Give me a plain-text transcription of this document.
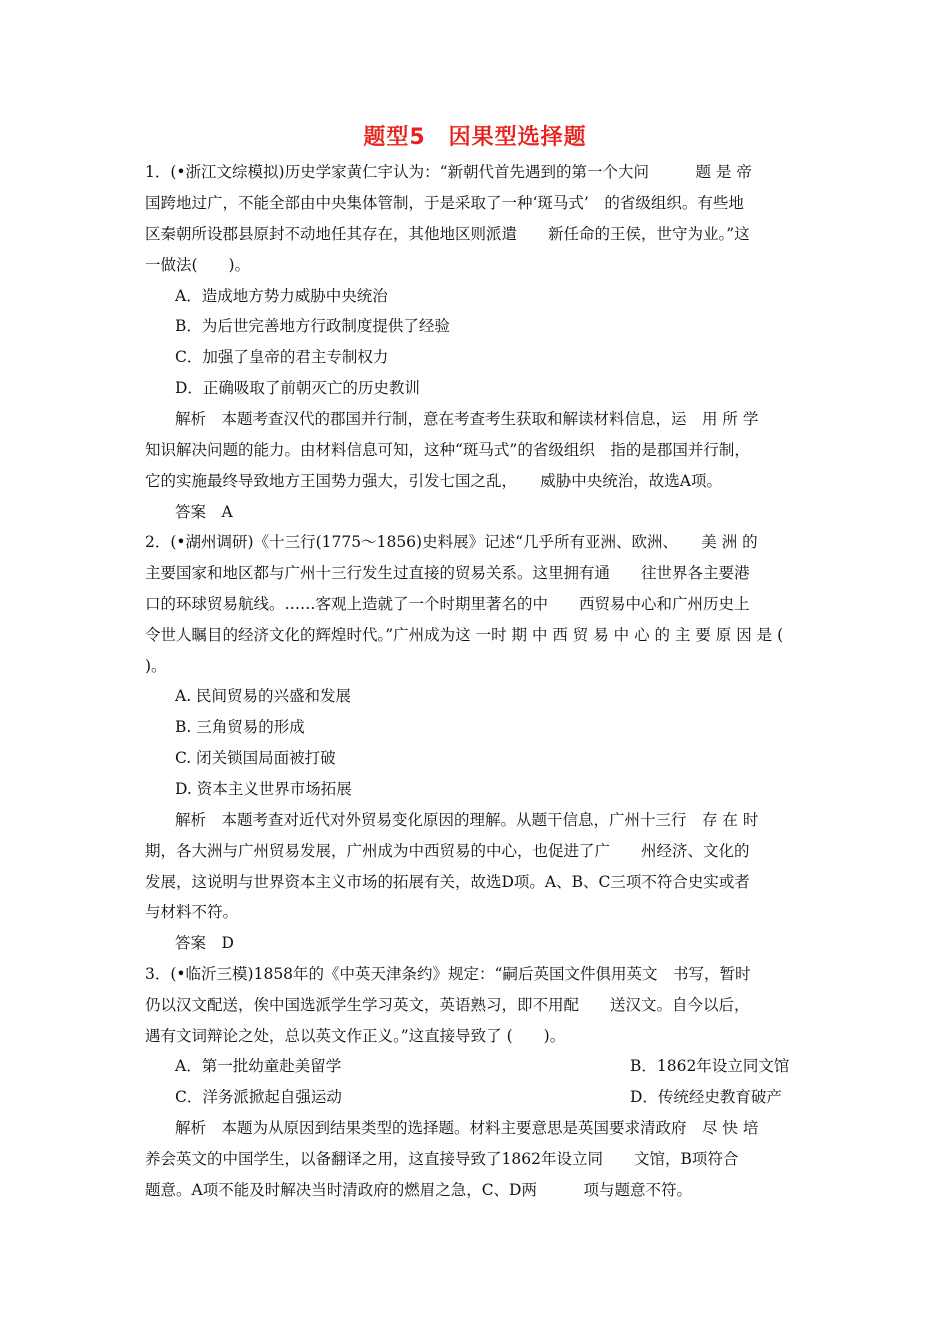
题型5　因果型选择题
1．(•浙江文综模拟)历史学家黄仁宇认为：“新朝代首先遇到的第一个大问　　　题 是 帝
国跨地过广，不能全部由中央集体管制，于是采取了一种‘斑马式’　的省级组织。有些地
区秦朝所设郡县原封不动地任其存在，其他地区则派遣　　新任命的王侯，世守为业。”这
一做法(　　)。
A．造成地方势力威胁中央统治
B．为后世完善地方行政制度提供了经验
C．加强了皇帝的君主专制权力
D．正确吸取了前朝灭亡的历史教训
解析　本题考查汉代的郡国并行制，意在考查考生获取和解读材料信息，运　用 所 学
知识解决问题的能力。由材料信息可知，这种“斑马式”的省级组织　指的是郡国并行制，
它的实施最终导致地方王国势力强大，引发七国之乱，　　威胁中央统治，故选A项。
答案　A
2．(•湖州调研)《十三行(1775～1856)史料展》记述“几乎所有亚洲、欧洲、　　美 洲 的
主要国家和地区都与广州十三行发生过直接的贸易关系。这里拥有通　　往世界各主要港
口的环球贸易航线。……客观上造就了一个时期里著名的中　　西贸易中心和广州历史上
令世人瞩目的经济文化的辉煌时代。”广州成为这 一时 期 中 西 贸 易 中 心 的 主 要 原 因 是 (
)。
A. 民间贸易的兴盛和发展
B. 三角贸易的形成
C. 闭关锁国局面被打破
D. 资本主义世界市场拓展
解析　本题考查对近代对外贸易变化原因的理解。从题干信息，广州十三行　存 在 时
期，各大洲与广州贸易发展，广州成为中西贸易的中心，也促进了广　　州经济、文化的
发展，这说明与世界资本主义市场的拓展有关，故选D项。A、B、C三项不符合史实或者
与材料不符。
答案　D
3．(•临沂三模)1858年的《中英天津条约》规定：“嗣后英国文件俱用英文　书写，暂时
仍以汉文配送，俟中国选派学生学习英文，英语熟习，即不用配　　送汉文。自今以后，
遇有文词辩论之处，总以英文作正义。”这直接导致了 (　　)。
A．第一批幼童赴美留学	B．1862年设立同文馆
C．洋务派掀起自强运动	D．传统经史教育破产
解析　本题为从原因到结果类型的选择题。材料主要意思是英国要求清政府　尽 快 培
养会英文的中国学生，以备翻译之用，这直接导致了1862年设立同　　文馆，B项符合
题意。A项不能及时解决当时清政府的燃眉之急，C、D两　　　项与题意不符。
